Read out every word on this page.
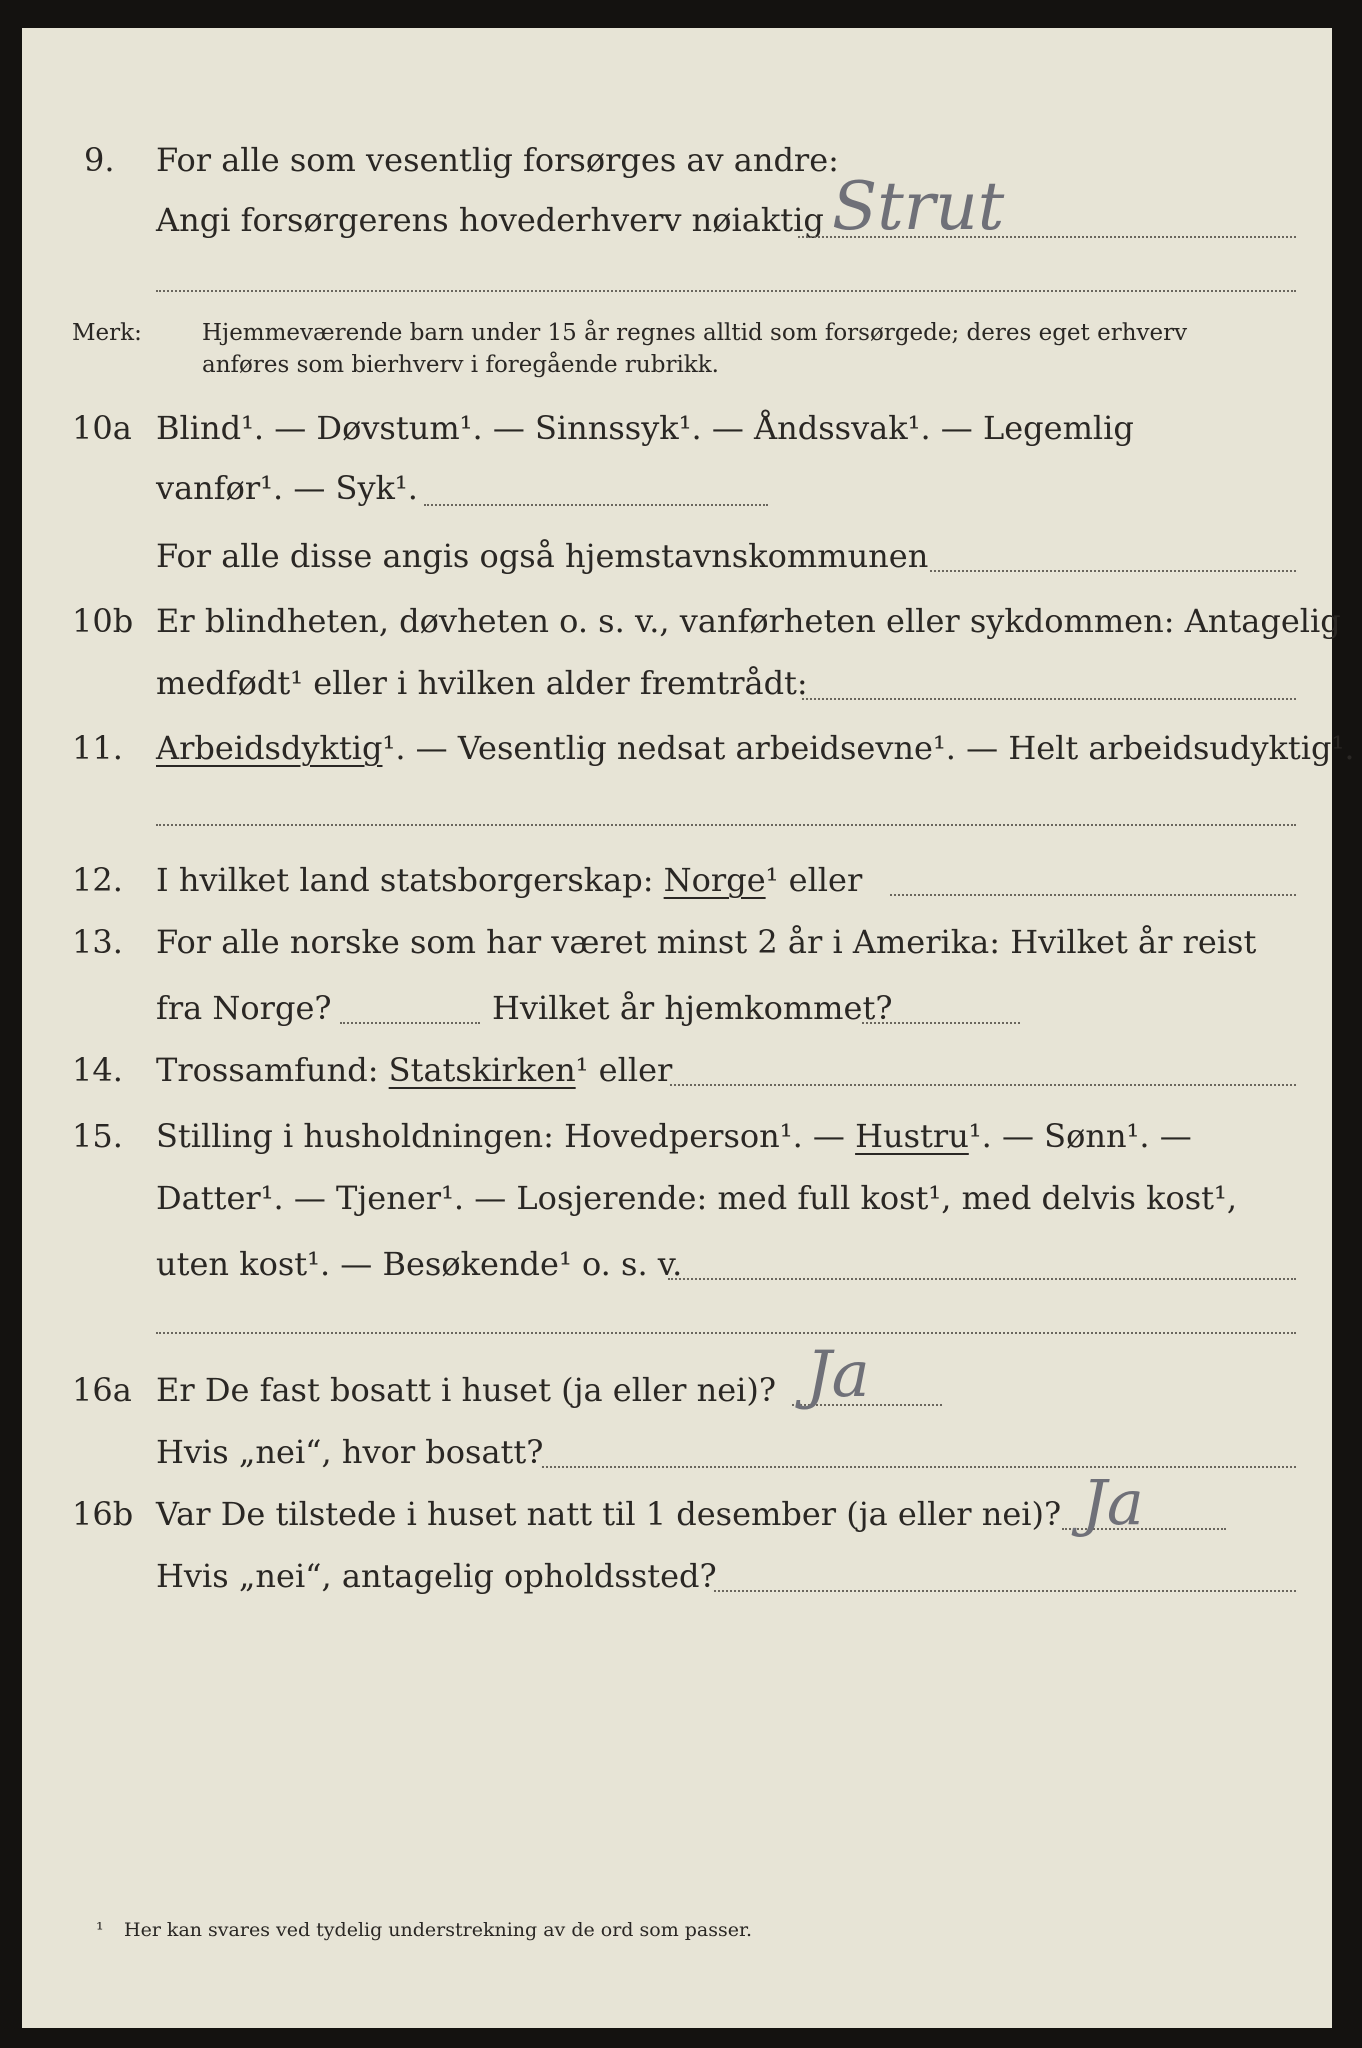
9. For alle som vesentlig forsørges av andre:
Angi forsørgerens hovederhverv nøiaktig Strut
Merk:	Hjemmeværende barn under 15 år regnes alltid som forsørgede; deres eget erhverv
anføres som bierhverv i foregående rubrikk.
10a Blind¹. — Døvstum¹. — Sinnssyk¹. — Åndssvak¹. — Legemlig
vanfør¹. — Syk¹.
For alle disse angis også hjemstavnskommunen
10b Er blindheten, døvheten o. s. v., vanførheten eller sykdommen: Antagelig
medfødt¹ eller i hvilken alder fremtrådt:
11. Arbeidsdyktig¹. — Vesentlig nedsat arbeidsevne¹. — Helt arbeidsudyktig¹.
12. I hvilket land statsborgerskap: Norge¹ eller
13. For alle norske som har været minst 2 år i Amerika: Hvilket år reist
fra Norge?	Hvilket år hjemkommet?
14. Trossamfund: Statskirken¹ eller
15. Stilling i husholdningen: Hovedperson¹. — Hustru¹. — Sønn¹. —
Datter¹. — Tjener¹. — Losjerende: med full kost¹, med delvis kost¹,
uten kost¹. — Besøkende¹ o. s. v.
16a Er De fast bosatt i huset (ja eller nei)? Ja
Hvis „nei“, hvor bosatt?
16b Var De tilstede i huset natt til 1 desember (ja eller nei)? Ja
Hvis „nei“, antagelig opholdssted?
¹ Her kan svares ved tydelig understrekning av de ord som passer.
